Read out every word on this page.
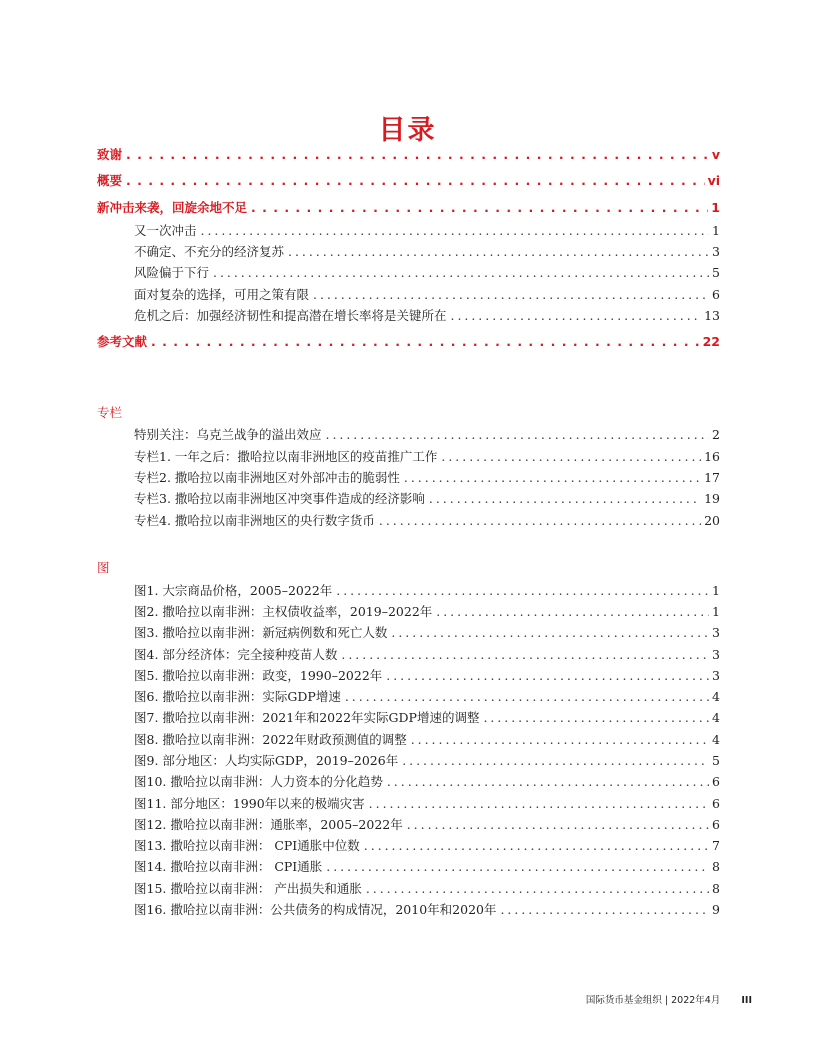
目录
致谢 . . .	v
概要 . . .	vi
新冲击来袭，回旋余地不足 . . .	1
又一次冲击 . . .	1
不确定、不充分的经济复苏 . . .	3
风险偏于下行 . . .	5
面对复杂的选择，可用之策有限 . . .	6
危机之后：加强经济韧性和提高潜在增长率将是关键所在 . . .	13
参考文献 . . .	22
专栏
特别关注：乌克兰战争的溢出效应 . . .	2
专栏1. 一年之后：撒哈拉以南非洲地区的疫苗推广工作 . . .	16
专栏2. 撒哈拉以南非洲地区对外部冲击的脆弱性 . . .	17
专栏3. 撒哈拉以南非洲地区冲突事件造成的经济影响 . . .	19
专栏4. 撒哈拉以南非洲地区的央行数字货币 . . .	20
图
图1. 大宗商品价格，2005–2022年 . . .	1
图2. 撒哈拉以南非洲：主权债收益率，2019–2022年 . . .	1
图3. 撒哈拉以南非洲：新冠病例数和死亡人数 . . .	3
图4. 部分经济体：完全接种疫苗人数 . . .	3
图5. 撒哈拉以南非洲：政变，1990–2022年 . . .	3
图6. 撒哈拉以南非洲：实际GDP增速 . . .	4
图7. 撒哈拉以南非洲：2021年和2022年实际GDP增速的调整 . . .	4
图8. 撒哈拉以南非洲：2022年财政预测值的调整 . . .	4
图9. 部分地区：人均实际GDP，2019–2026年 . . .	5
图10. 撒哈拉以南非洲：人力资本的分化趋势 . . .	6
图11. 部分地区：1990年以来的极端灾害 . . .	6
图12. 撒哈拉以南非洲：通胀率，2005–2022年 . . .	6
图13. 撒哈拉以南非洲： CPI通胀中位数 . . .	7
图14. 撒哈拉以南非洲： CPI通胀 . . .	8
图15. 撒哈拉以南非洲： 产出损失和通胀 . . .	8
图16. 撒哈拉以南非洲：公共债务的构成情况，2010年和2020年 . . .	9
国际货币基金组织 | 2022年4月 III
